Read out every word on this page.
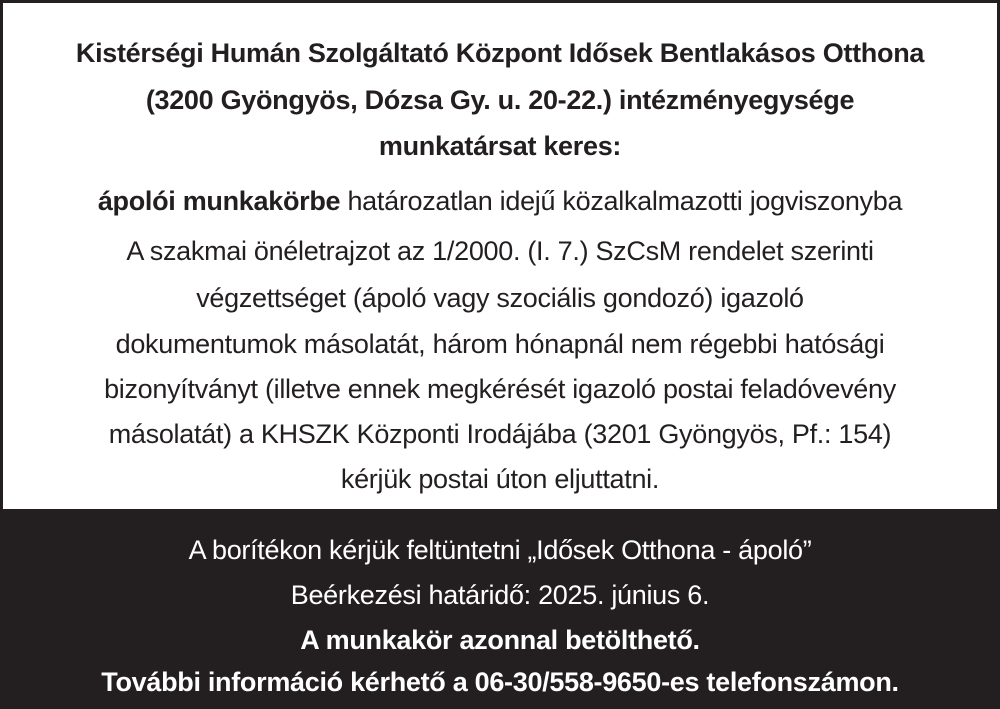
Kistérségi Humán Szolgáltató Központ Idősek Bentlakásos Otthona
(3200 Gyöngyös, Dózsa Gy. u. 20-22.) intézményegysége
munkatársat keres:
ápolói munkakörbe határozatlan idejű közalkalmazotti jogviszonyba
A szakmai önéletrajzot az 1/2000. (I. 7.) SzCsM rendelet szerinti
végzettséget (ápoló vagy szociális gondozó) igazoló
dokumentumok másolatát, három hónapnál nem régebbi hatósági
bizonyítványt (illetve ennek megkérését igazoló postai feladóvevény
másolatát) a KHSZK Központi Irodájába (3201 Gyöngyös, Pf.: 154)
kérjük postai úton eljuttatni.
A borítékon kérjük feltüntetni „Idősek Otthona - ápoló”
Beérkezési határidő: 2025. június 6.
A munkakör azonnal betölthető.
További információ kérhető a 06-30/558-9650-es telefonszámon.
